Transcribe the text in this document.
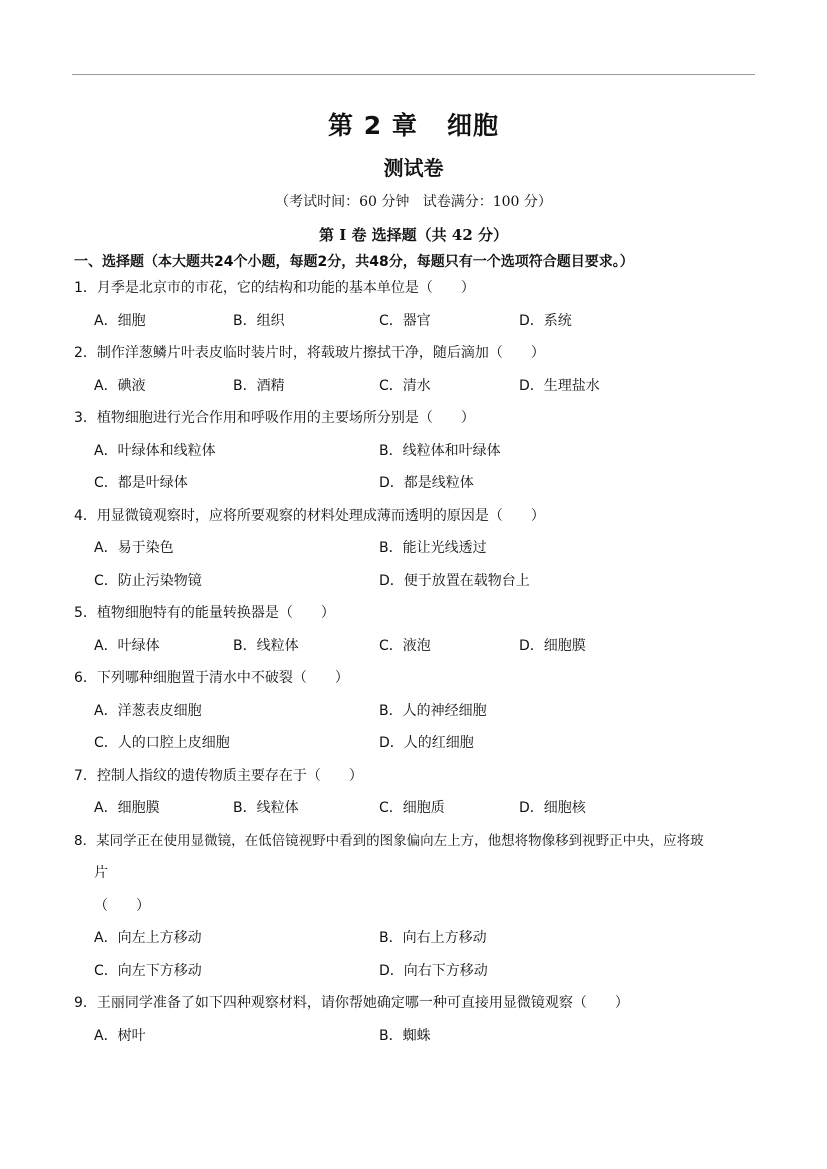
第 2 章   细胞
测试卷
（考试时间：60 分钟   试卷满分：100 分）
第 I 卷 选择题（共 42 分）
一、选择题（本大题共24个小题，每题2分，共48分，每题只有一个选项符合题目要求。）
1．月季是北京市的市花，它的结构和功能的基本单位是（　　）
A．细胞	B．组织	C．器官	D．系统
2．制作洋葱鳞片叶表皮临时装片时，将载玻片擦拭干净，随后滴加（　　）
A．碘液	B．酒精	C．清水	D．生理盐水
3．植物细胞进行光合作用和呼吸作用的主要场所分别是（　　）
A．叶绿体和线粒体	B．线粒体和叶绿体
C．都是叶绿体	D．都是线粒体
4．用显微镜观察时，应将所要观察的材料处理成薄而透明的原因是（　　）
A．易于染色	B．能让光线透过
C．防止污染物镜	D．便于放置在载物台上
5．植物细胞特有的能量转换器是（　　）
A．叶绿体	B．线粒体	C．液泡	D．细胞膜
6．下列哪种细胞置于清水中不破裂（　　）
A．洋葱表皮细胞	B．人的神经细胞
C．人的口腔上皮细胞	D．人的红细胞
7．控制人指纹的遗传物质主要存在于（　　）
A．细胞膜	B．线粒体	C．细胞质	D．细胞核
8．某同学正在使用显微镜，在低倍镜视野中看到的图象偏向左上方，他想将物像移到视野正中央，应将玻
片
（　　）
A．向左上方移动	B．向右上方移动
C．向左下方移动	D．向右下方移动
9．王丽同学准备了如下四种观察材料，请你帮她确定哪一种可直接用显微镜观察（　　）
A．树叶	B．蜘蛛
